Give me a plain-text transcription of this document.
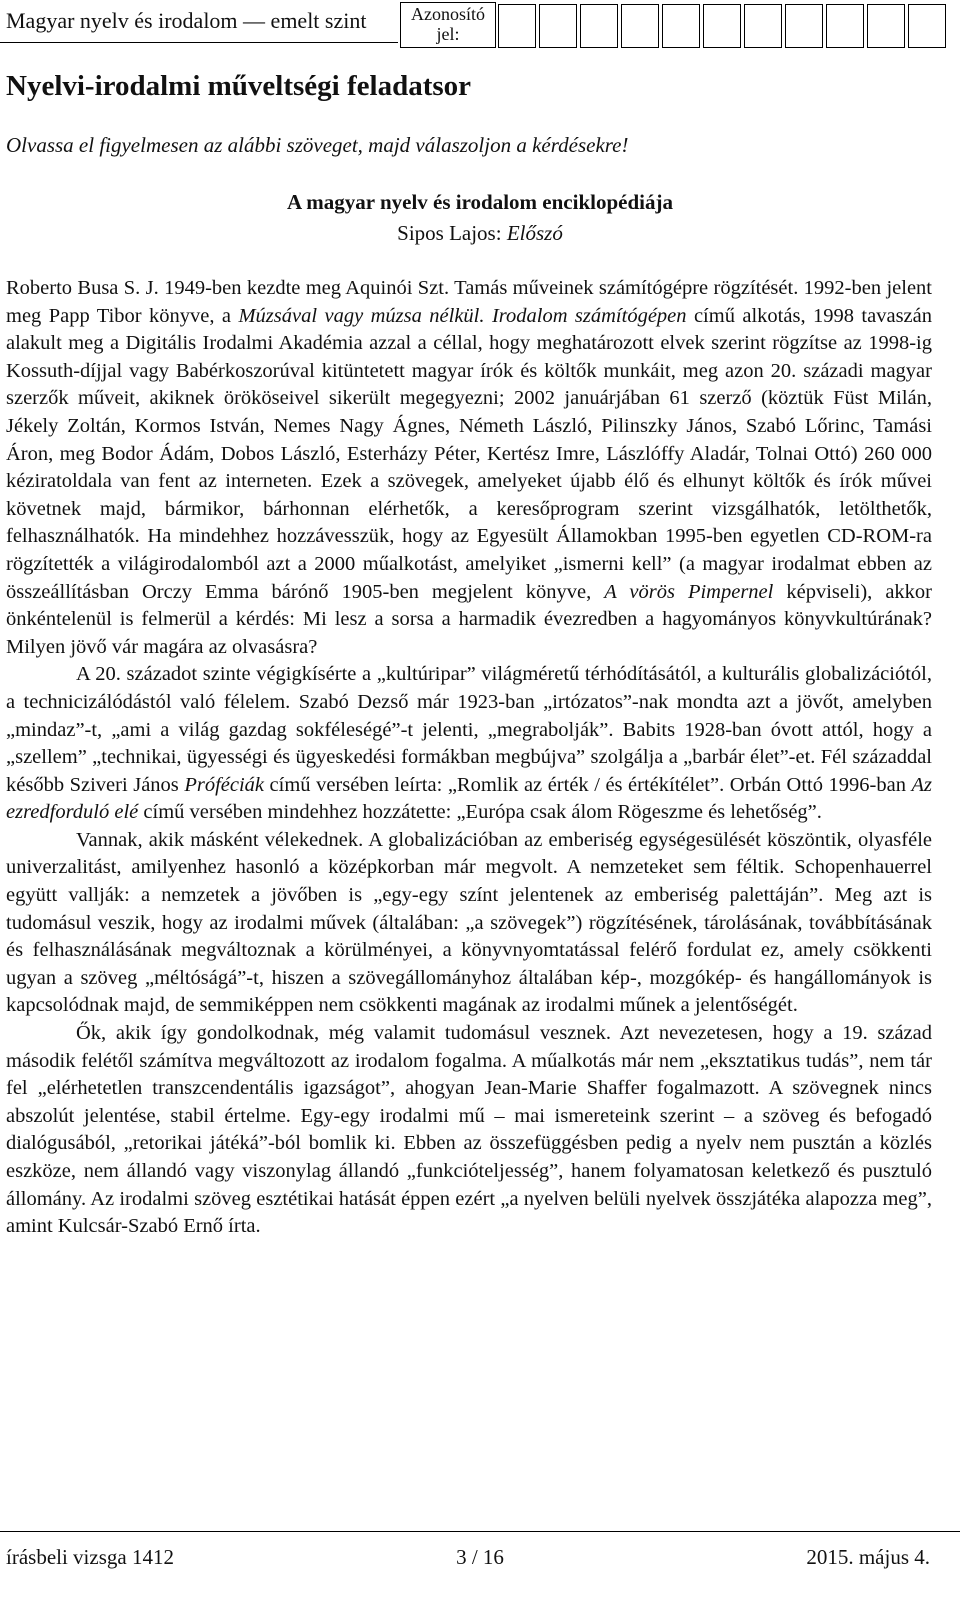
Magyar nyelv és irodalom — emelt szint Azonosító jel:
Nyelvi-irodalmi műveltségi feladatsor
Olvassa el figyelmesen az alábbi szöveget, majd válaszoljon a kérdésekre!
A magyar nyelv és irodalom enciklopédiája
Sipos Lajos: Előszó

Roberto Busa S. J. 1949-ben kezdte meg Aquinói Szt. Tamás műveinek számítógépre rögzítését. 1992-ben jelent meg Papp Tibor könyve, a Múzsával vagy múzsa nélkül. Irodalom számítógépen című alkotás, 1998 tavaszán alakult meg a Digitális Irodalmi Akadémia azzal a céllal, hogy meghatározott elvek szerint rögzítse az 1998-ig Kossuth-díjjal vagy Babérkoszorúval kitüntetett magyar írók és költők munkáit, meg azon 20. századi magyar szerzők műveit, akiknek örököseivel sikerült megegyezni; 2002 januárjában 61 szerző (köztük Füst Milán, Jékely Zoltán, Kormos István, Nemes Nagy Ágnes, Németh László, Pilinszky János, Szabó Lőrinc, Tamási Áron, meg Bodor Ádám, Dobos László, Esterházy Péter, Kertész Imre, Lászlóffy Aladár, Tolnai Ottó) 260 000 kéziratoldala van fent az interneten. Ezek a szövegek, amelyeket újabb élő és elhunyt költők és írók művei követnek majd, bármikor, bárhonnan elérhetők, a keresőprogram szerint vizsgálhatók, letölthetők, felhasználhatók. Ha mindehhez hozzávesszük, hogy az Egyesült Államokban 1995-ben egyetlen CD-ROM-ra rögzítették a világirodalomból azt a 2000 műalkotást, amelyiket „ismerni kell” (a magyar irodalmat ebben az összeállításban Orczy Emma bárónő 1905-ben megjelent könyve, A vörös Pimpernel képviseli), akkor önkéntelenül is felmerül a kérdés: Mi lesz a sorsa a harmadik évezredben a hagyományos könyvkultúrának? Milyen jövő vár magára az olvasásra?

A 20. századot szinte végigkísérte a „kultúripar” világméretű térhódításától, a kulturális globalizációtól, a technicizálódástól való félelem. Szabó Dezső már 1923-ban „irtózatos”-nak mondta azt a jövőt, amelyben „mindaz”-t, „ami a világ gazdag sokféleségé”-t jelenti, „megrabolják”. Babits 1928-ban óvott attól, hogy a „szellem” „technikai, ügyességi és ügyeskedési formákban megbújva” szolgálja a „barbár élet”-et. Fél századdal később Sziveri János Próféciák című versében leírta: „Romlik az érték / és értékítélet”. Orbán Ottó 1996-ban Az ezredforduló elé című versében mindehhez hozzátette: „Európa csak álom Rögeszme és lehetőség”.

Vannak, akik másként vélekednek. A globalizációban az emberiség egységesülését köszöntik, olyasféle univerzalitást, amilyenhez hasonló a középkorban már megvolt. A nemzeteket sem féltik. Schopenhauerrel együtt vallják: a nemzetek a jövőben is „egy-egy színt jelentenek az emberiség palettáján”. Meg azt is tudomásul veszik, hogy az irodalmi művek (általában: „a szövegek”) rögzítésének, tárolásának, továbbításának és felhasználásának megváltoznak a körülményei, a könyvnyomtatással felérő fordulat ez, amely csökkenti ugyan a szöveg „méltóságá”-t, hiszen a szövegállományhoz általában kép-, mozgókép- és hangállományok is kapcsolódnak majd, de semmiképpen nem csökkenti magának az irodalmi műnek a jelentőségét.

Ők, akik így gondolkodnak, még valamit tudomásul vesznek. Azt nevezetesen, hogy a 19. század második felétől számítva megváltozott az irodalom fogalma. A műalkotás már nem „eksztatikus tudás”, nem tár fel „elérhetetlen transzcendentális igazságot”, ahogyan Jean-Marie Shaffer fogalmazott. A szövegnek nincs abszolút jelentése, stabil értelme. Egy-egy irodalmi mű – mai ismereteink szerint – a szöveg és befogadó dialógusából, „retorikai játéká”-ból bomlik ki. Ebben az összefüggésben pedig a nyelv nem pusztán a közlés eszköze, nem állandó vagy viszonylag állandó „funkcióteljesség”, hanem folyamatosan keletkező és pusztuló állomány. Az irodalmi szöveg esztétikai hatását éppen ezért „a nyelven belüli nyelvek összjátéka alapozza meg”, amint Kulcsár-Szabó Ernő írta.

írásbeli vizsga 1412	3 / 16	2015. május 4.
